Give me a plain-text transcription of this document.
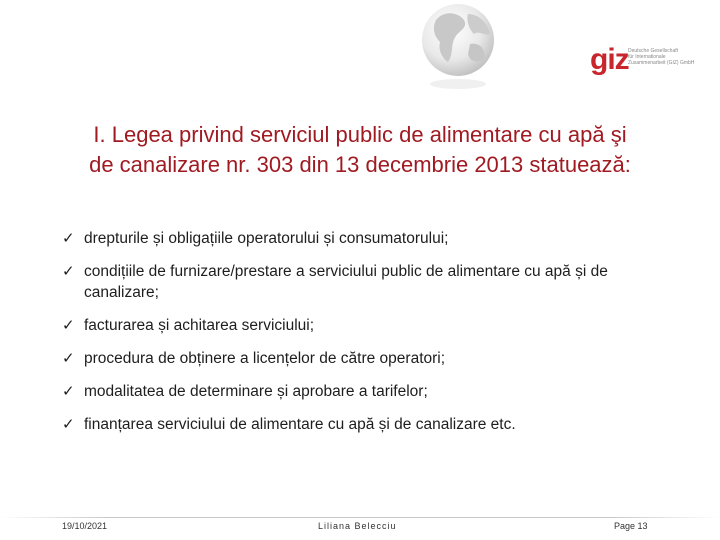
giz Deutsche Gesellschaft
für Internationale
Zusammenarbeit (GIZ) GmbH
I. Legea privind serviciul public de alimentare cu apă şi
de canalizare nr. 303 din 13 decembrie 2013 statuează:
✓ drepturile și obligațiile operatorului și consumatorului;
✓ condițiile de furnizare/prestare a serviciului public de alimentare cu apă și de canalizare;
✓ facturarea și achitarea serviciului;
✓ procedura de obținere a licențelor de către operatori;
✓ modalitatea de determinare și aprobare a tarifelor;
✓ finanțarea serviciului de alimentare cu apă și de canalizare etc.
19/10/2021	Liliana Belecciu	Page 13
